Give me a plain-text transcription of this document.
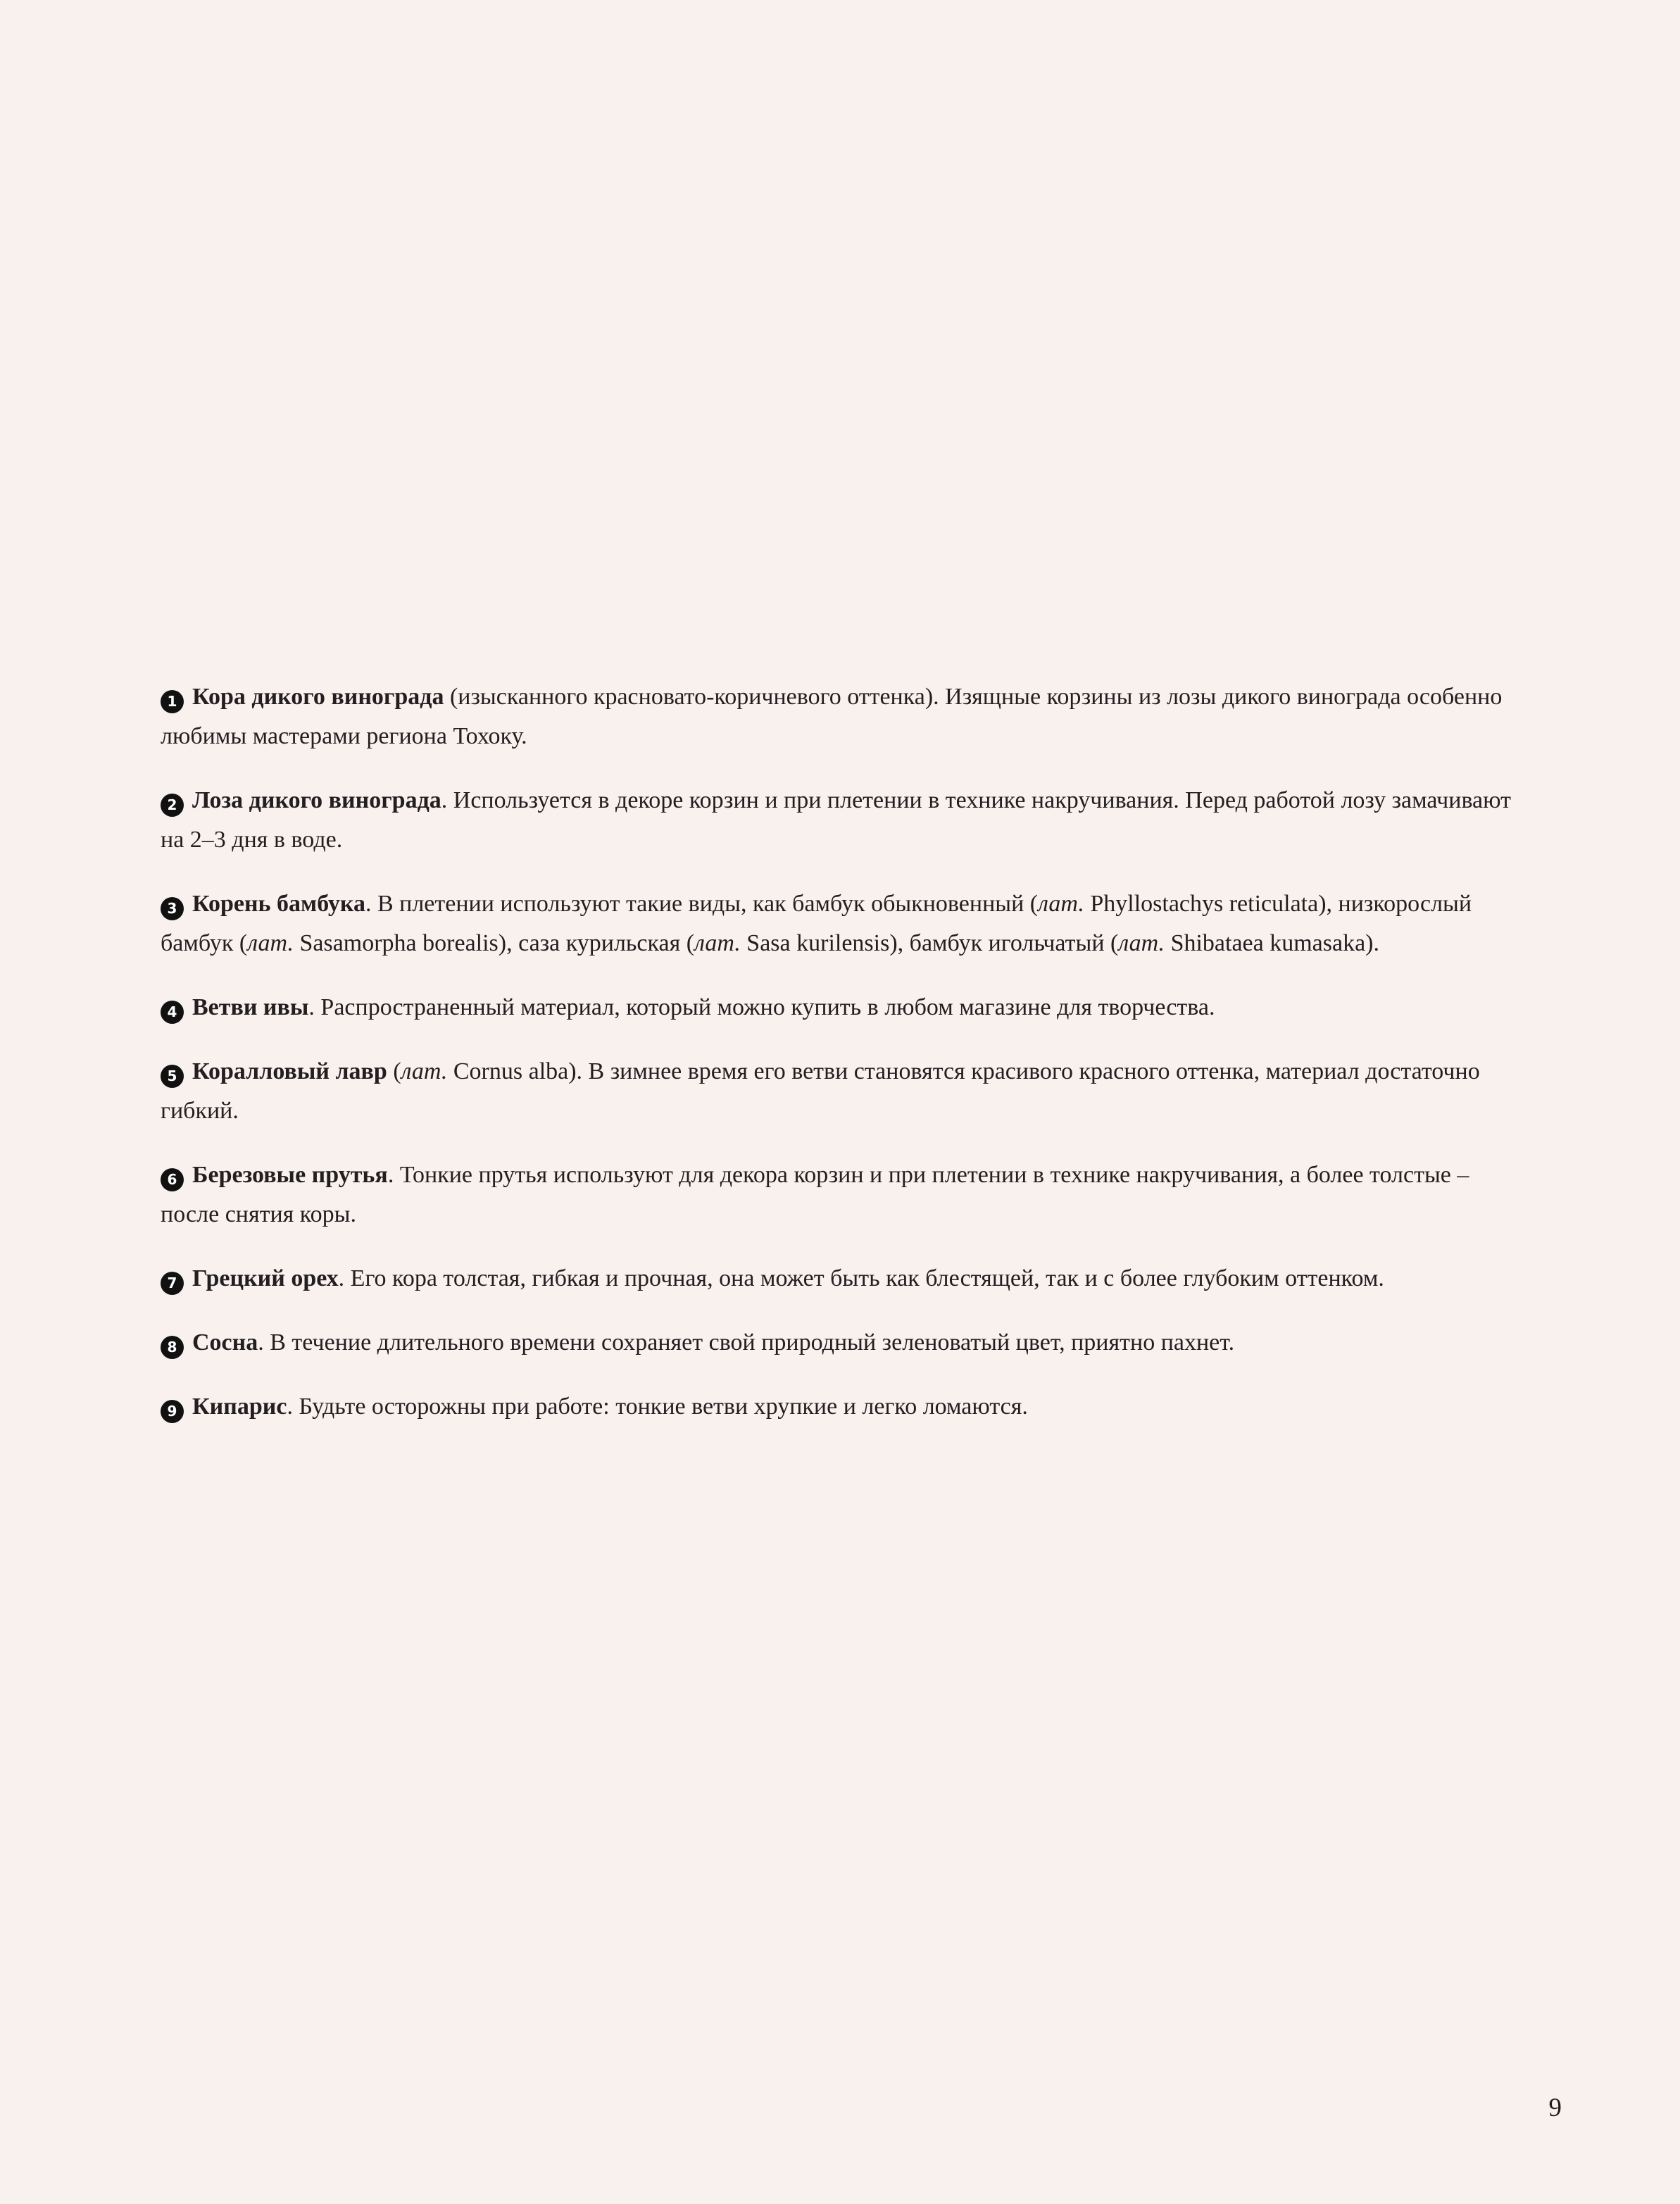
1 Кора дикого винограда (изысканного красновато-коричневого оттенка). Изящные корзины из лозы дикого винограда особенно любимы мастерами региона Тохоку.

2 Лоза дикого винограда. Используется в декоре корзин и при плетении в технике накручивания. Перед работой лозу замачивают на 2–3 дня в воде.

3 Корень бамбука. В плетении используют такие виды, как бамбук обыкновенный (лат. Phyllostachys reticulata), низкорослый бамбук (лат. Sasamorpha borealis), саза курильская (лат. Sasa kurilensis), бамбук игольчатый (лат. Shibataea kumasaka).

4 Ветви ивы. Распространенный материал, который можно купить в любом магазине для творчества.

5 Коралловый лавр (лат. Cornus alba). В зимнее время его ветви становятся красивого красного оттенка, материал достаточно гибкий.

6 Березовые прутья. Тонкие прутья используют для декора корзин и при плетении в технике накручивания, а более толстые – после снятия коры.

7 Грецкий орех. Его кора толстая, гибкая и прочная, она может быть как блестящей, так и с более глубоким оттенком.

8 Сосна. В течение длительного времени сохраняет свой природный зеленоватый цвет, приятно пахнет.

9 Кипарис. Будьте осторожны при работе: тонкие ветви хрупкие и легко ломаются.

9
